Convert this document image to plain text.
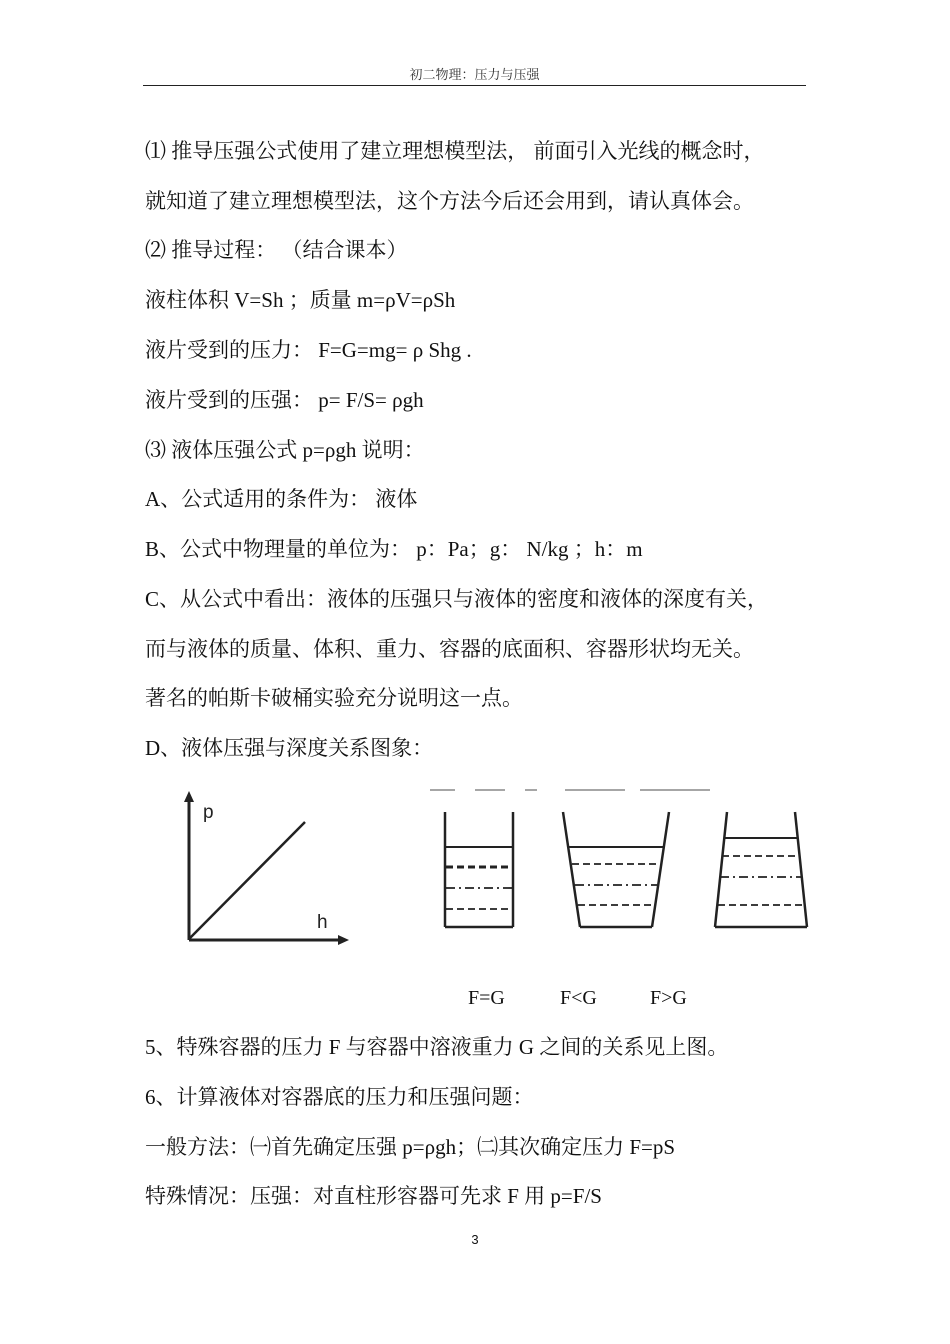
初二物理：压力与压强
⑴ 推导压强公式使用了建立理想模型法， 前面引入光线的概念时，
就知道了建立理想模型法，这个方法今后还会用到，请认真体会。
⑵ 推导过程： （结合课本）
液柱体积 V=Sh ；质量 m=ρV=ρSh
液片受到的压力： F=G=mg= ρ Shg .
液片受到的压强： p= F/S= ρgh
⑶ 液体压强公式 p=ρgh 说明：
A、公式适用的条件为： 液体
B、公式中物理量的单位为： p：Pa；g： N/kg ；h：m
C、从公式中看出：液体的压强只与液体的密度和液体的深度有关，
而与液体的质量、体积、重力、容器的底面积、容器形状均无关。
著名的帕斯卡破桶实验充分说明这一点。
D、液体压强与深度关系图象：
p
h
F=G	F<G	F>G
5、特殊容器的压力 F 与容器中溶液重力 G 之间的关系见上图。
6、计算液体对容器底的压力和压强问题：
一般方法：㈠首先确定压强 p=ρgh；㈡其次确定压力 F=pS
特殊情况：压强：对直柱形容器可先求 F 用 p=F/S
3
